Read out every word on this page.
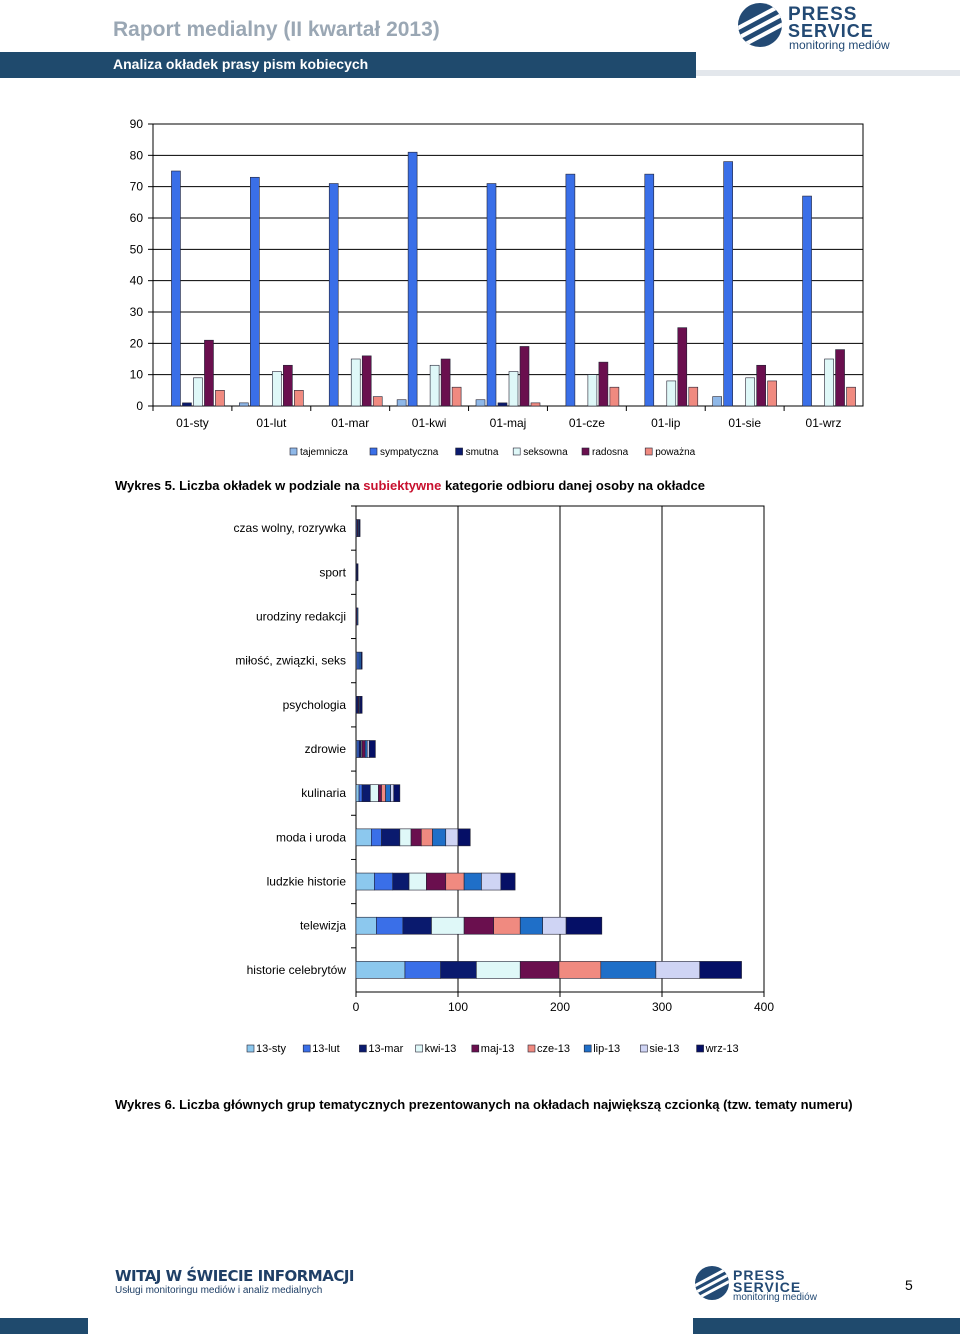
Raport medialny (II kwartał 2013)
Analiza okładek prasy pism kobiecych
PRESS
SERVICE
monitoring mediów
0
10
20
30
40
50
60
70
80
90
01-sty	01-lut	01-mar	01-kwi	01-maj	01-cze	01-lip	01-sie	01-wrz
tajemnicza	sympatyczna	smutna seksowna radosna	poważna
Wykres 5. Liczba okładek w podziale na subiektywne kategorie odbioru danej osoby na okładce
0	100	200	300	400
czas wolny, rozrywka
sport
urodziny redakcji
miłość, związki, seks
psychologia
zdrowie
kulinaria
moda i uroda
ludzkie historie
telewizja
historie celebrytów
13-sty 13-lut	13-mar kwi-13 maj-13 cze-13 lip-13	sie-13 wrz-13
Wykres 6. Liczba głównych grup tematycznych prezentowanych na okładach największą czcionką (tzw. tematy numeru)
WITAJ W ŚWIECIE INFORMACJI
Usługi monitoringu mediów i analiz medialnych
PRESS
SERVICE
monitoring mediów
5
